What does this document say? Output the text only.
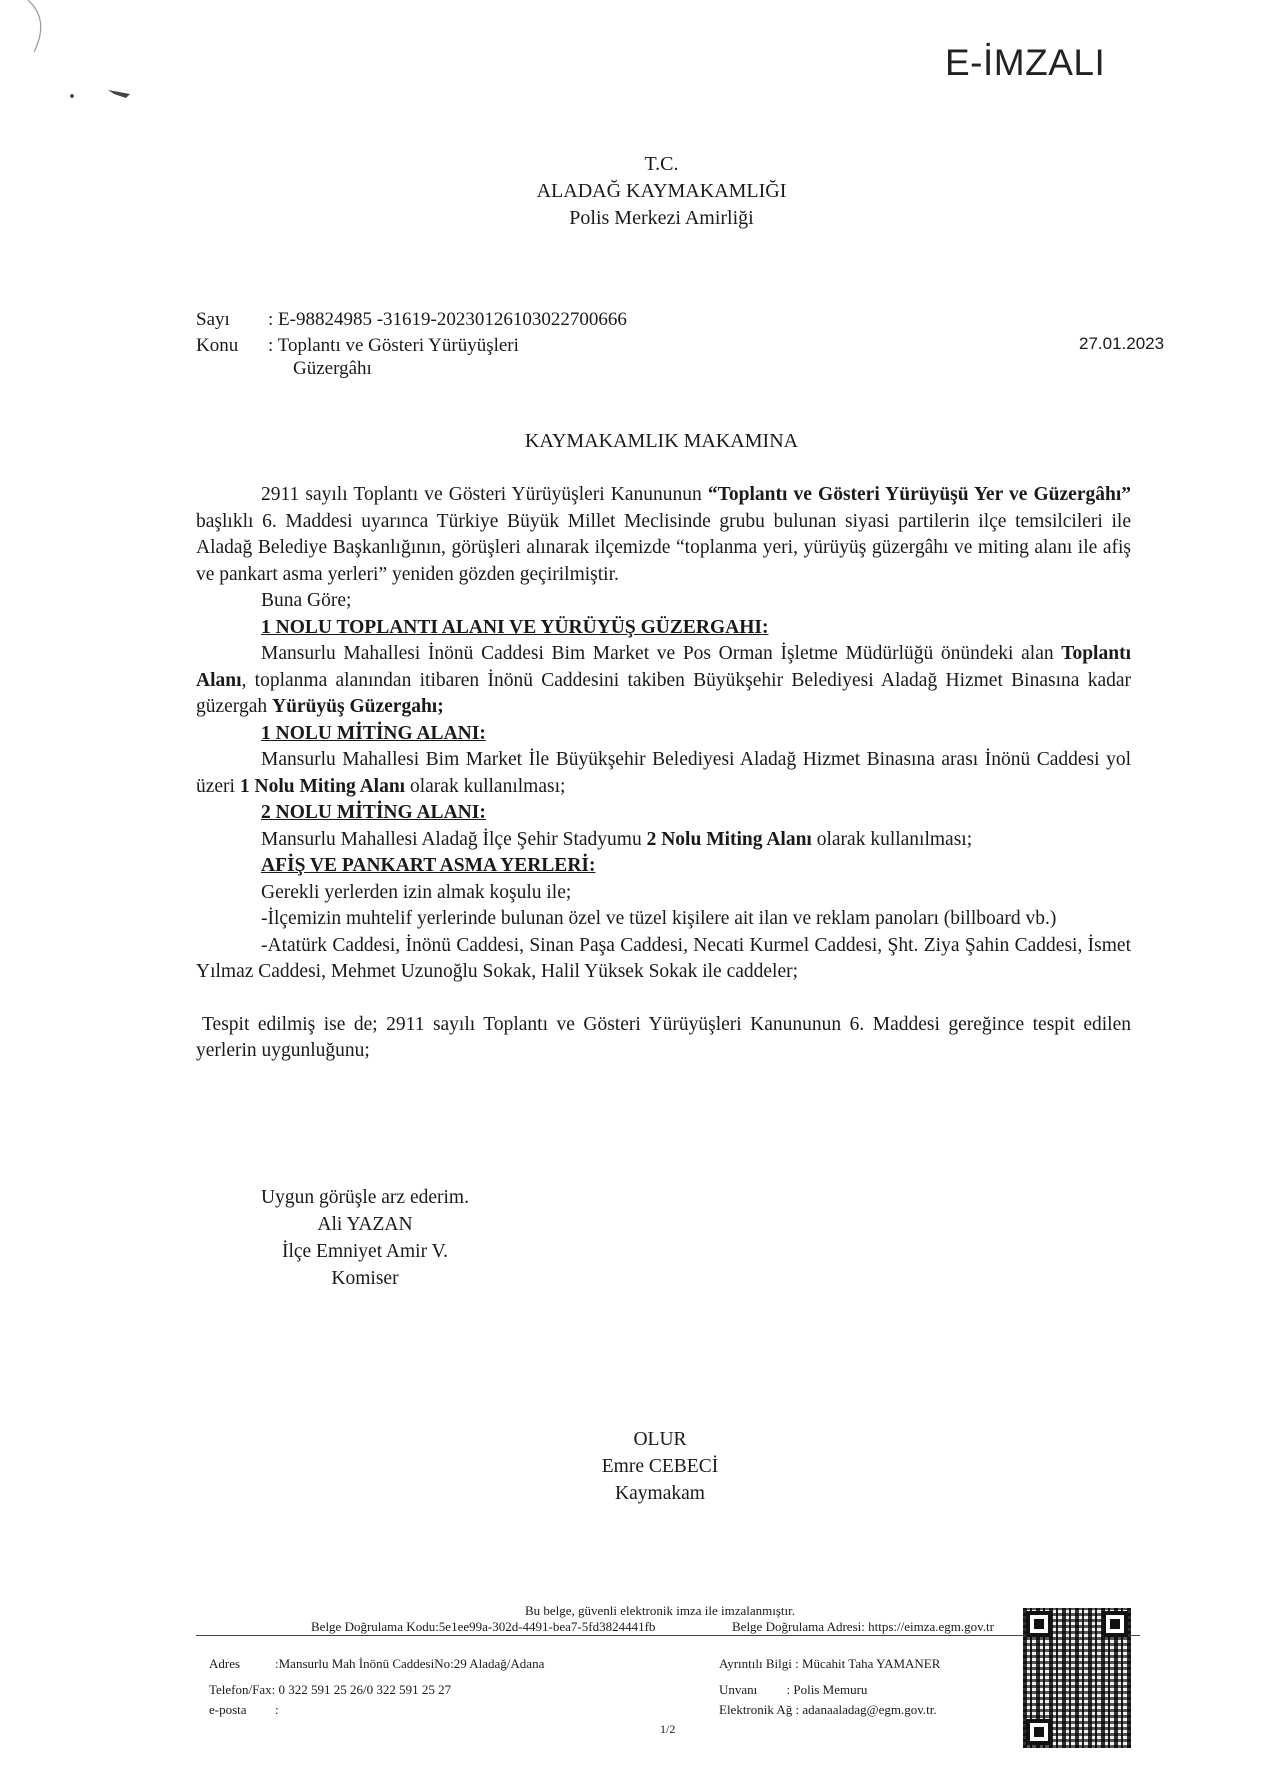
E-İMZALI
T.C.
ALADAĞ KAYMAKAMLIĞI
Polis Merkezi Amirliği
Sayı : E-98824985 -31619-20230126103022700666
Konu : Toplantı ve Gösteri Yürüyüşleri
Güzergâhı
27.01.2023
KAYMAKAMLIK MAKAMINA

2911 sayılı Toplantı ve Gösteri Yürüyüşleri Kanununun “Toplantı ve Gösteri Yürüyüşü Yer ve Güzergâhı” başlıklı 6. Maddesi uyarınca Türkiye Büyük Millet Meclisinde grubu bulunan siyasi partilerin ilçe temsilcileri ile Aladağ Belediye Başkanlığının, görüşleri alınarak ilçemizde “toplanma yeri, yürüyüş güzergâhı ve miting alanı ile afiş ve pankart asma yerleri” yeniden gözden geçirilmiştir.

Buna Göre;

1 NOLU TOPLANTI ALANI VE YÜRÜYÜŞ GÜZERGAHI:

Mansurlu Mahallesi İnönü Caddesi Bim Market ve Pos Orman İşletme Müdürlüğü önündeki alan Toplantı Alanı, toplanma alanından itibaren İnönü Caddesini takiben Büyükşehir Belediyesi Aladağ Hizmet Binasına kadar güzergah Yürüyüş Güzergahı;

1 NOLU MİTİNG ALANI:

Mansurlu Mahallesi Bim Market İle Büyükşehir Belediyesi Aladağ Hizmet Binasına arası İnönü Caddesi yol üzeri 1 Nolu Miting Alanı olarak kullanılması;

2 NOLU MİTİNG ALANI:

Mansurlu Mahallesi Aladağ İlçe Şehir Stadyumu 2 Nolu Miting Alanı olarak kullanılması;

AFİŞ VE PANKART ASMA YERLERİ:

Gerekli yerlerden izin almak koşulu ile;

-İlçemizin muhtelif yerlerinde bulunan özel ve tüzel kişilere ait ilan ve reklam panoları (billboard vb.)

-Atatürk Caddesi, İnönü Caddesi, Sinan Paşa Caddesi, Necati Kurmel Caddesi, Şht. Ziya Şahin Caddesi, İsmet Yılmaz Caddesi, Mehmet Uzunoğlu Sokak, Halil Yüksek Sokak ile caddeler;

Tespit edilmiş ise de; 2911 sayılı Toplantı ve Gösteri Yürüyüşleri Kanununun 6. Maddesi gereğince tespit edilen yerlerin uygunluğunu;

Uygun görüşle arz ederim.
Ali YAZAN
İlçe Emniyet Amir V.
Komiser
OLUR
Emre CEBECİ
Kaymakam
Bu belge, güvenli elektronik imza ile imzalanmıştır.
Belge Doğrulama Kodu:5e1ee99a-302d-4491-bea7-5fd3824441fb	Belge Doğrulama Adresi: https://eimza.egm.gov.tr
Adres	:Mansurlu Mah İnönü CaddesiNo:29 Aladağ/Adana
Telefon/Fax: 0 322 591 25 26/0 322 591 25 27
e-posta :
Ayrıntılı Bilgi : Mücahit Taha YAMANER
Unvanı         : Polis Memuru
Elektronik Ağ : adanaaladag@egm.gov.tr.
1/2
